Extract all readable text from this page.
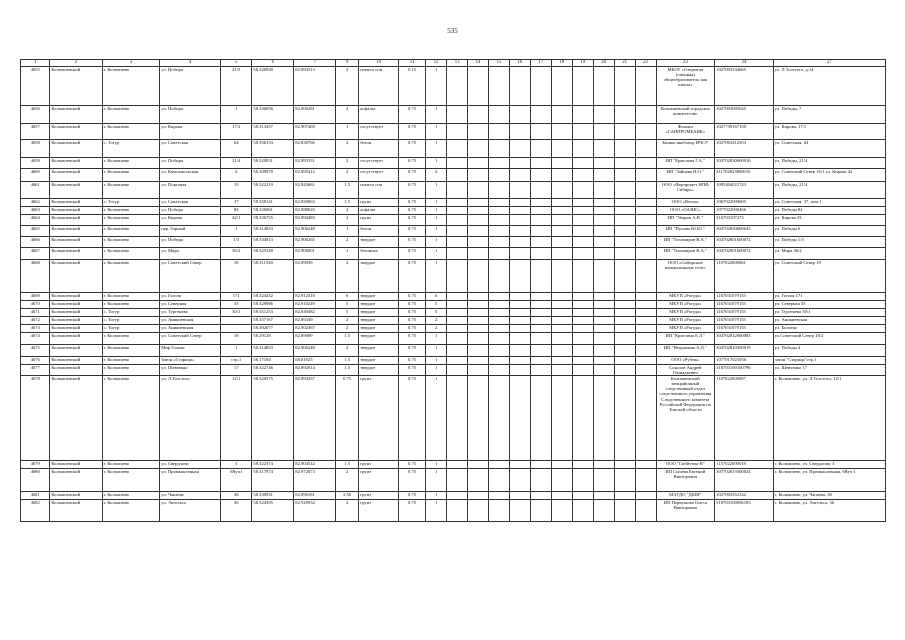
535
1	2	3	4	5	6	7	9	10	11	12	13	14	15	16	17	18	19	20	21	22	23	24	27
4655	Колпашевский	г. Колпашево	ул. Победы	21/5	58.320930	82.893513	2	помеса спи	0.15	1											МБОУ «Открытая (сменная) общеобразователь ная школа»	1027003534665	ул. Л.Толстого, д.14
4656	Колпашевский	г. Колпашево	ул. Победы	1	58.336056	82.000281	2	асфальт	0.75	1											Колпашевский городское комитетство	1027003095645	ул. Победы, 7
4657	Колпашевский	г. Колпашево	ул. Кирова	17/2	58.313457	82.907469	1	отсутствует	0.75	1											Филиал «САНПРОМБАНК»	1027739167100	ул. Кирова, 17/1
4658	Колпашевский	с. Тогур	ул. Советская	64	58.356133	82.830766	2	бетон	0.75	1											Бишко-якобоеор ИЧСУ	1027003412303	ул. Советская, 64
4659	Колпашевский	г. Колпашево	ул. Победы	21/4	58.320831	82.895331	2	отсутствует	0.75	1											ИП "Ермолова Г.А."	304702830600016	ул. Победы, 21/4
4660	Колпашевский	г. Колпашево	ул. Комсомольская	2	58.309978	82.895412	2	отсутствует	0.75	2											ИП "Зайцева Н.О."	311702823800010	ул. Советский Север 16/1 ул. Кирова 42
4661	Колпашевский	г. Колпашево	ул. Портовая	19	58.322219	82.843661	1.5	помеса спи	0.75	1											ООО «Форпромет НПФ Сибирь»	1095404021743	ул. Победы, 21/4
4662	Колпашевский	с. Тогур	ул. Советская	37	58.358141	82.850063	1.5	грунт	0.75	1											ООО «Весна»	1067022009605	ул. Советская, 37, пом.1
4663	Колпашевский	г. Колпашево	ул. Победы	84	58.326061	82.888020	2	асфальт	0.75	1											ООО «ОАЗИС»	1077022000466	ул. Победы 84
4664	Колпашевский	г. Колпашево	ул. Кирова	42/1	58.336755	82.894483	2	грунт	0.75	1											ИП "Уваров А.В."	316703107273	ул. Кирова 33
4665	Колпашевский	г. Колпашево	пер. Горный	1	58.314853	82.906248	1	бетон	0.75	1											ИП "Пупова Ю.Ю."	304702830600645	ул. Победы 6
4666	Колпашевский	г. Колпашево	ул. Победы	1/3	58.334813	82.900265	2	твердое	0.75	1											ИП "Тихомиров В.А."	304702801600072	ул. Победы 1/3
4667	Колпашевский	г. Колпашево	ул. Мира	36/2	58.325348	82.906001	1	бетонное	0.75	1											ИП "Тихомиров В.А."	304702801600072	ул. Мира 36/2
4668	Колпашевский	г. Колпашево	ул. Советский Север	18	58.311548	82.89039	2	твердое	0.75	1											ООО «Сибирские коммунальные сети»	1107022000061	ул. Советский Север 18
4669	Колпашевский	г. Колпашево	ул. Гоголя	171	58.324432	82.912319	6	твердое	0.75	6											МКУП «Рагуда»	1167031079155	ул. Гоголя 171
4670	Колпашевский	г. Колпашево	ул. Северная	35	58.329986	82.910249	5	твердое	0.75	5											МКУП «Рагуда»	1167031079155	ул. Северная 35
4671	Колпашевский	с. Тогур	ул. Тургенева	30/1	58.351253	82.840482	5	твердое	0.75	5											МКУП «Рагуда»	1167031079155	ул. Тургенева 30/1
4672	Колпашевский	с. Тогур	ул. Аникиевская		58.357167	82.86349	2	твердое	0.75	2											МКУП «Рагуда»	1167031079155	ул. Аникиевская
4673	Колпашевский	с. Тогур	ул. Аникиевская		58.392077	82.902367	2	твердое	0.75	2											МКУП «Рагуда»	1167031079155	ул. Болотко
4674	Колпашевский	г. Колпашево	ул. Советский Север	18	58.29128	82.89089	1.5	твердое	0.75	1											ИП "Кристина Е.Л."	304702812800083	ул.Советский Север 18/2
4675	Колпашевский	г. Колпашево	Мир Голова	1	58.314853	82.906248	2	твердое	0.75	1											ИП "Непряхина А.Д."	304702810500019	ул. Победы 4
4676	Колпашевский	г. Колпашево	Затон «Старица»	стр.1	56.17194	68.01025	1.5	твердое	0.75	1											ООО «Рубеж»	1077017021036	затон "Старица"стр.1
4677	Колпашевский	г. Колпашево	ул. Шевченко	17	58.322746	82.892014	1.5	твердое	0.75	1											Соколов Андрей Геннадьевич	318703100100796	ул. Шевченко 17
4678	Колпашевский	г. Колпашево	ул. Л.Толстого	12/1	58.320575	82.893437	0.75	грунт	0.75	1											Колпашевский межрайонный следственный отдел следственного управления Следственного комитета Российской Федерации по Томской области	1107022000007	г. Колпашево, ул. Л.Толстого, 12/1
4679	Колпашевский	г. Колпашево	ул. Свердлова	3	58.322374	82.904542	1.5	грунт	0.75	1											ООО "Сибйтзин-Н"	1157022000018	г. Колпашево, ул. Свердлова, 3
4680	Колпашевский	г. Колпашево	ул. Промышленная	6Вуч1	58.317874	82.972873	2	грунт	0.75	1											ИП Сычёва Евгений Викторович	307702819300024	г. Колпашево, ул. Промышленная, 6Вуч 1
4681	Колпашевский	г. Колпашево	ул. Чапаева	38	58.330931	82.896181	2.56	грунт	0.75	1											МАУДО "ДШИ"	1027003552342	г. Колпашево, ул. Чапаева, 38
4682	Колпашевский	г. Колпашево	ул. Энгельса	36	58.324395	82.929932	2	грунт	0.75	1											ИП Первушова Олеся Викторовна	318703100096183	г. Колпашево, ул. Энгельса, 36
